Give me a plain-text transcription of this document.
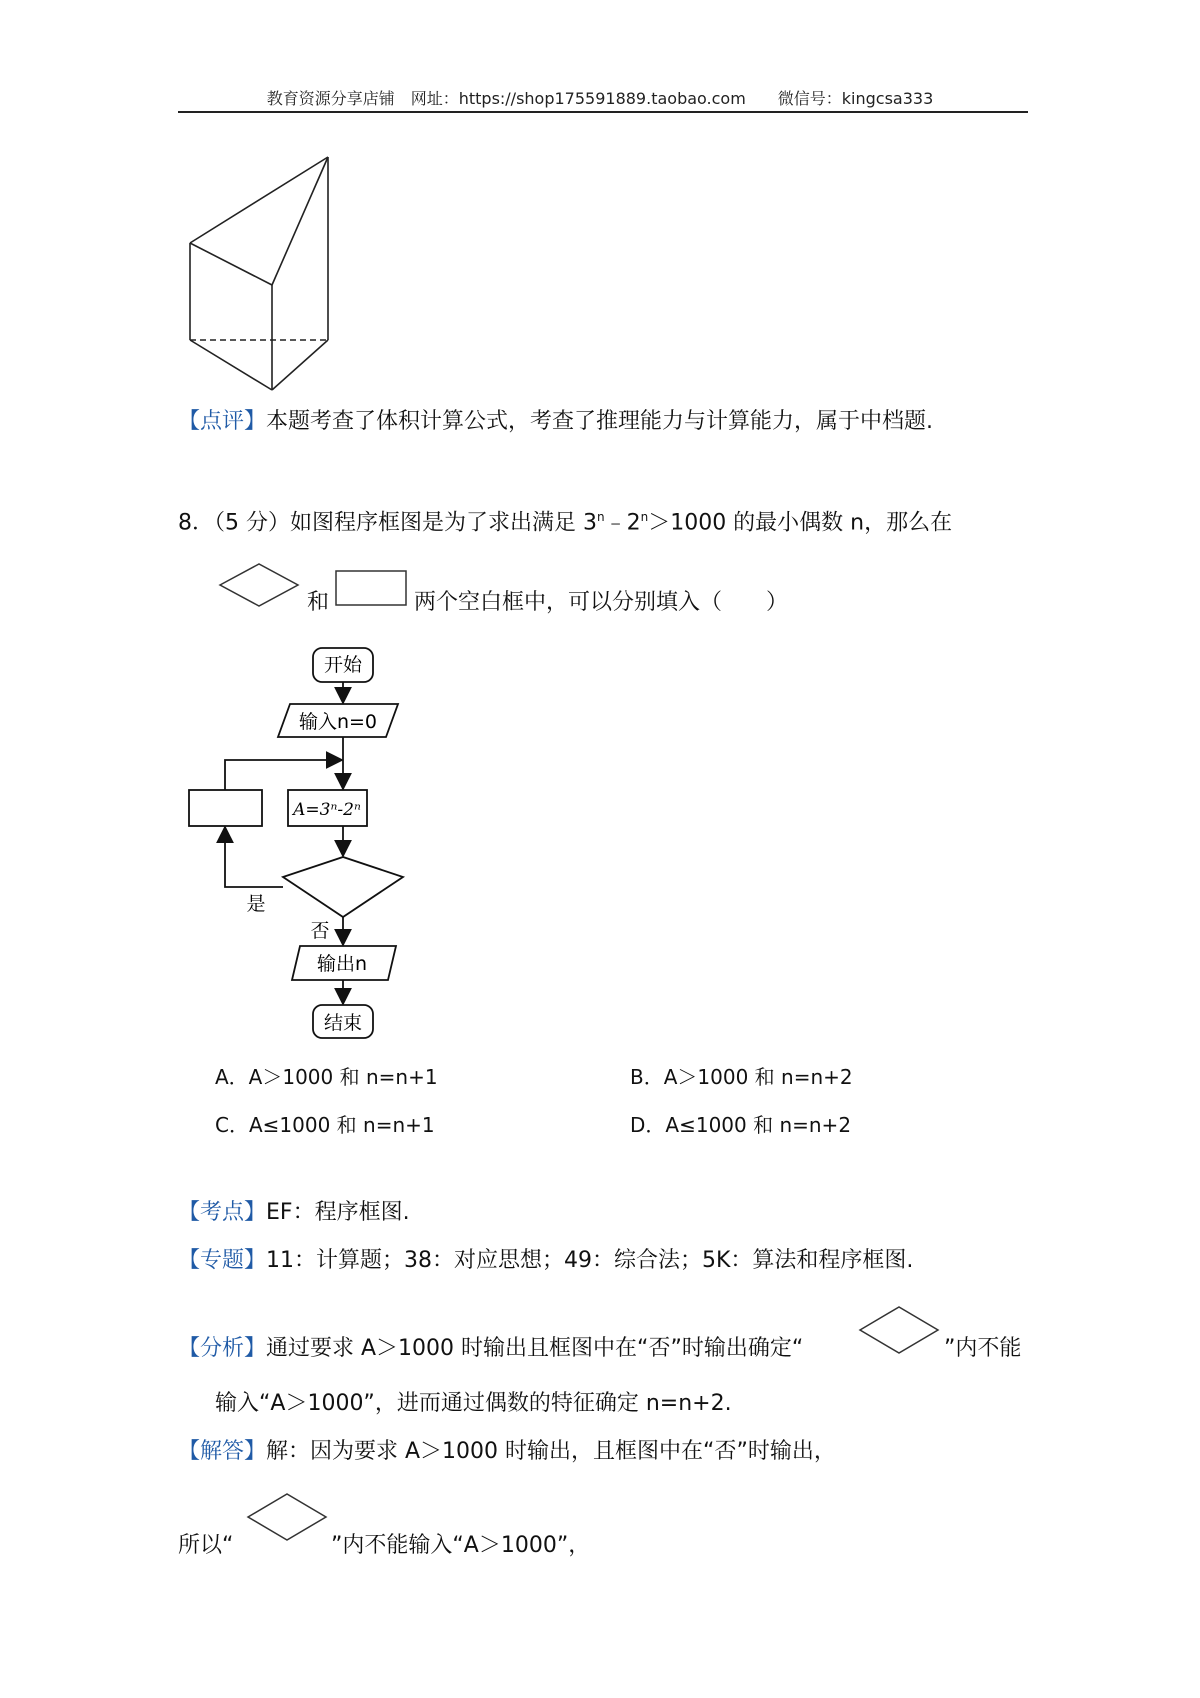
教育资源分享店铺　网址：https://shop175591889.taobao.com　　微信号：kingcsa333
【点评】本题考查了体积计算公式，考查了推理能力与计算能力，属于中档题.
8．（5 分）如图程序框图是为了求出满足 $3^n﹣2^n>1000$ 的最小偶数 n，那么在
和	两个空白框中，可以分别填入（　　）
开始
输入n=0
A=3ⁿ-2ⁿ
是
否
输出n
结束
A．A＞1000 和 n=n+1	B．A＞1000 和 n=n+2
C．A≤1000 和 n=n+1	D．A≤1000 和 n=n+2
【考点】EF：程序框图.
【专题】11：计算题；38：对应思想；49：综合法；5K：算法和程序框图.
【分析】通过要求 A＞1000 时输出且框图中在“否”时输出确定“	”内不能
输入“A＞1000”，进而通过偶数的特征确定 n=n+2.
【解答】解：因为要求 A＞1000 时输出，且框图中在“否”时输出，
所以“	”内不能输入“A＞1000”，
